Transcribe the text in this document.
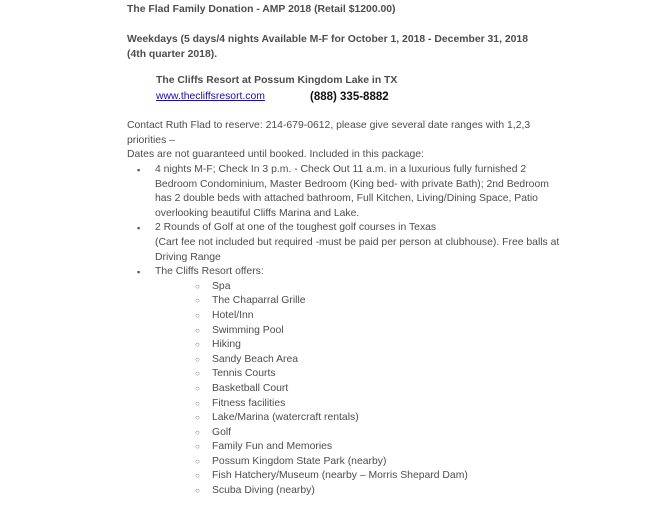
The Flad Family Donation - AMP 2018 (Retail $1200.00)
Weekdays (5 days/4 nights Available M-F for October 1, 2018 - December 31, 2018 (4th quarter 2018).
The Cliffs Resort at Possum Kingdom Lake in TX
www.thecliffsresort.com	(888) 335-8882
Contact Ruth Flad to reserve: 214-679-0612, please give several date ranges with 1,2,3 priorities –
Dates are not guaranteed until booked. Included in this package:
▪ 4 nights M-F; Check In 3 p.m. - Check Out 11 a.m. in a luxurious fully furnished 2 Bedroom Condominium, Master Bedroom (King bed- with private Bath); 2nd Bedroom has 2 double beds with attached bathroom, Full Kitchen, Living/Dining Space, Patio overlooking beautiful Cliffs Marina and Lake.
▪ 2 Rounds of Golf at one of the toughest golf courses in Texas
(Cart fee not included but required -must be paid per person at clubhouse). Free balls at Driving Range
▪ The Cliffs Resort offers:
○ Spa
○ The Chaparral Grille
○ Hotel/Inn
○ Swimming Pool
○ Hiking
○ Sandy Beach Area
○ Tennis Courts
○ Basketball Court
○ Fitness facilities
○ Lake/Marina (watercraft rentals)
○ Golf
○ Family Fun and Memories
○ Possum Kingdom State Park (nearby)
○ Fish Hatchery/Museum (nearby – Morris Shepard Dam)
○ Scuba Diving (nearby)
